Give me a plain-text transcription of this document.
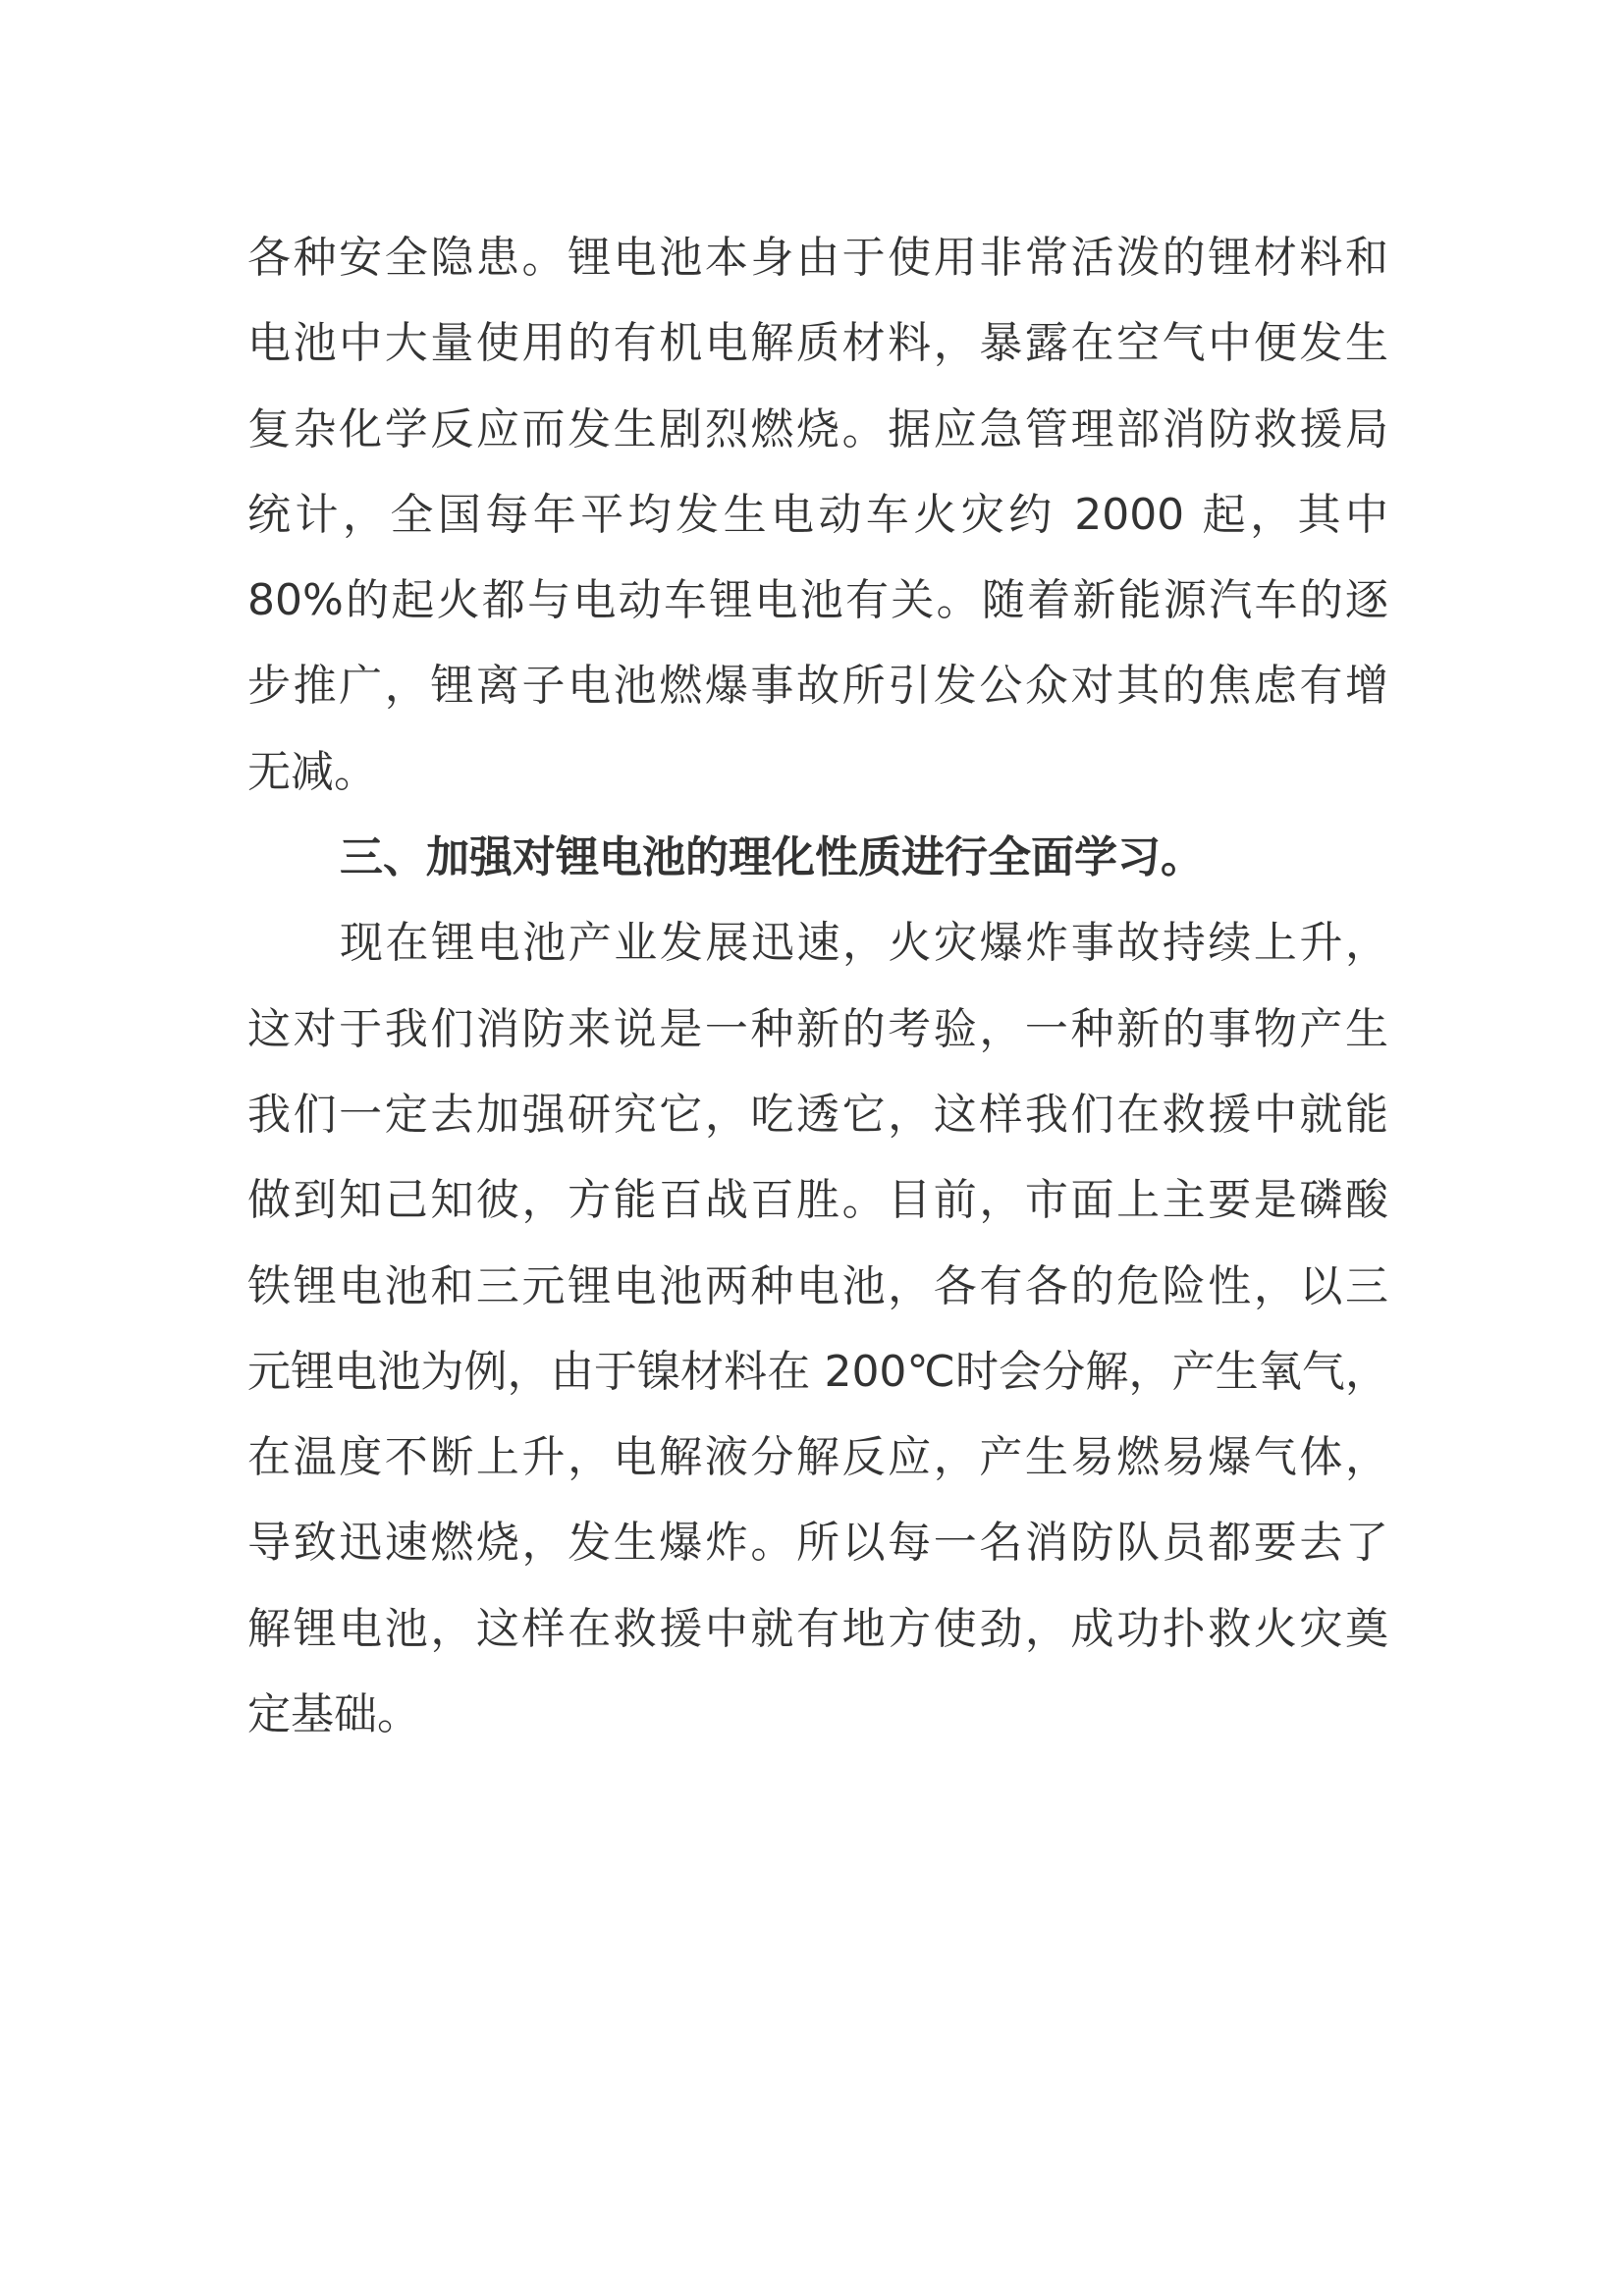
各种安全隐患。锂电池本身由于使用非常活泼的锂材料和
电池中大量使用的有机电解质材料，暴露在空气中便发生
复杂化学反应而发生剧烈燃烧。据应急管理部消防救援局
统计，全国每年平均发生电动车火灾约 2000 起，其中
80%的起火都与电动车锂电池有关。随着新能源汽车的逐
步推广，锂离子电池燃爆事故所引发公众对其的焦虑有增
无减。
三、加强对锂电池的理化性质进行全面学习。
现在锂电池产业发展迅速，火灾爆炸事故持续上升，
这对于我们消防来说是一种新的考验，一种新的事物产生
我们一定去加强研究它，吃透它，这样我们在救援中就能
做到知己知彼，方能百战百胜。目前，市面上主要是磷酸
铁锂电池和三元锂电池两种电池，各有各的危险性，以三
元锂电池为例，由于镍材料在 200℃时会分解，产生氧气，
在温度不断上升，电解液分解反应，产生易燃易爆气体，
导致迅速燃烧，发生爆炸。所以每一名消防队员都要去了
解锂电池，这样在救援中就有地方使劲，成功扑救火灾奠
定基础。
